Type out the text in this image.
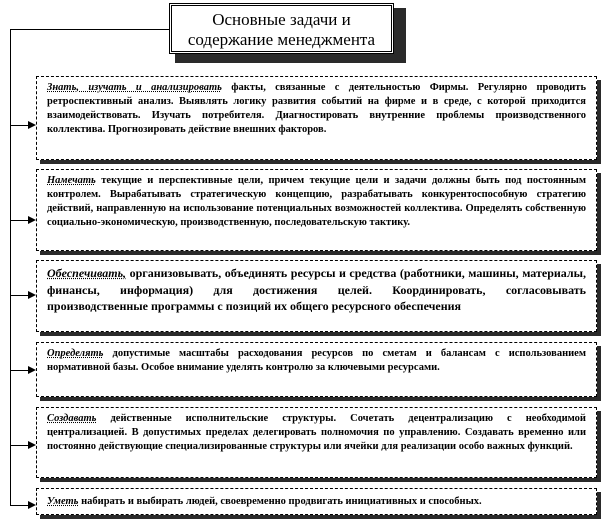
Основные задачи и
содержание менеджмента
Знать, изучать и анализировать факты, связанные с деятельностью Фирмы. Регулярно проводить ретроспективный анализ. Выявлять логику развития событий на фирме и в среде, с которой приходится взаимодействовать. Изучать потребителя. Диагностировать внутренние проблемы производственного коллектива. Прогнозировать действие внешних факторов.
Намечать текущие и перспективные цели, причем текущие цели и задачи должны быть под постоянным контролем. Вырабатывать стратегическую концепцию, разрабатывать конкурентоспособную стратегию действий, направленную на использование потенциальных возможностей коллектива. Определять собственную социально-экономическую, производственную, последовательскую тактику.
Обеспечивать, организовывать, объединять ресурсы и средства (работники, машины, материалы, финансы, информация) для достижения целей. Координировать, согласовывать производственные программы с позиций их общего ресурсного обеспечения
Определять допустимые масштабы расходования ресурсов по сметам и балансам с использованием нормативной базы. Особое внимание уделять контролю за ключевыми ресурсами.
Создавать действенные исполнительские структуры. Сочетать децентрализацию с необходимой централизацией. В допустимых пределах делегировать полномочия по управлению. Создавать временно или постоянно действующие специализированные структуры или ячейки для реализации особо важных функций.
Уметь набирать и выбирать людей, своевременно продвигать инициативных и способных.
